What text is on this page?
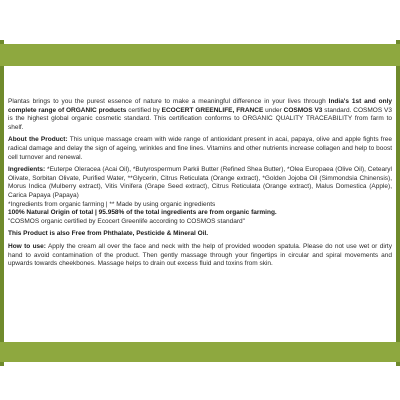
Plantas brings to you the purest essence of nature to make a meaningful difference in your lives through India's 1st and only complete range of ORGANIC products certified by ECOCERT GREENLIFE, FRANCE under COSMOS V3 standard. COSMOS V3 is the highest global organic cosmetic standard. This certification conforms to ORGANIC QUALITY TRACEABILITY from farm to shelf.

About the Product: This unique massage cream with wide range of antioxidant present in acai, papaya, olive and apple fights free radical damage and delay the sign of ageing, wrinkles and fine lines. Vitamins and other nutrients increase collagen and help to boost cell turnover and renewal.

Ingredients: *Euterpe Oleracea (Acai Oil), *Butyrospermum Parkii Butter (Refined Shea Butter), *Olea Europaea (Olive Oil), Cetearyl Olivate, Sorbitan Olivate, Purified Water, **Glycerin, Citrus Reticulata (Orange extract), *Golden Jojoba Oil (Simmondsia Chinensis), Morus Indica (Mulberry extract), Vitis Vinifera (Grape Seed extract), Citrus Reticulata (Orange extract), Malus Domestica (Apple), Carica Papaya (Papaya)

*Ingredients from organic farming | ** Made by using organic ingredients

100% Natural Origin of total | 95.958% of the total ingredients are from organic farming.

"COSMOS organic certified by Ecocert Greenlife according to COSMOS standard"

This Product is also Free from Phthalate, Pesticide & Mineral Oil.

How to use: Apply the cream all over the face and neck with the help of provided wooden spatula. Please do not use wet or dirty hand to avoid contamination of the product. Then gently massage through your fingertips in circular and spiral movements and upwards towards cheekbones. Massage helps to drain out excess fluid and toxins from skin.
